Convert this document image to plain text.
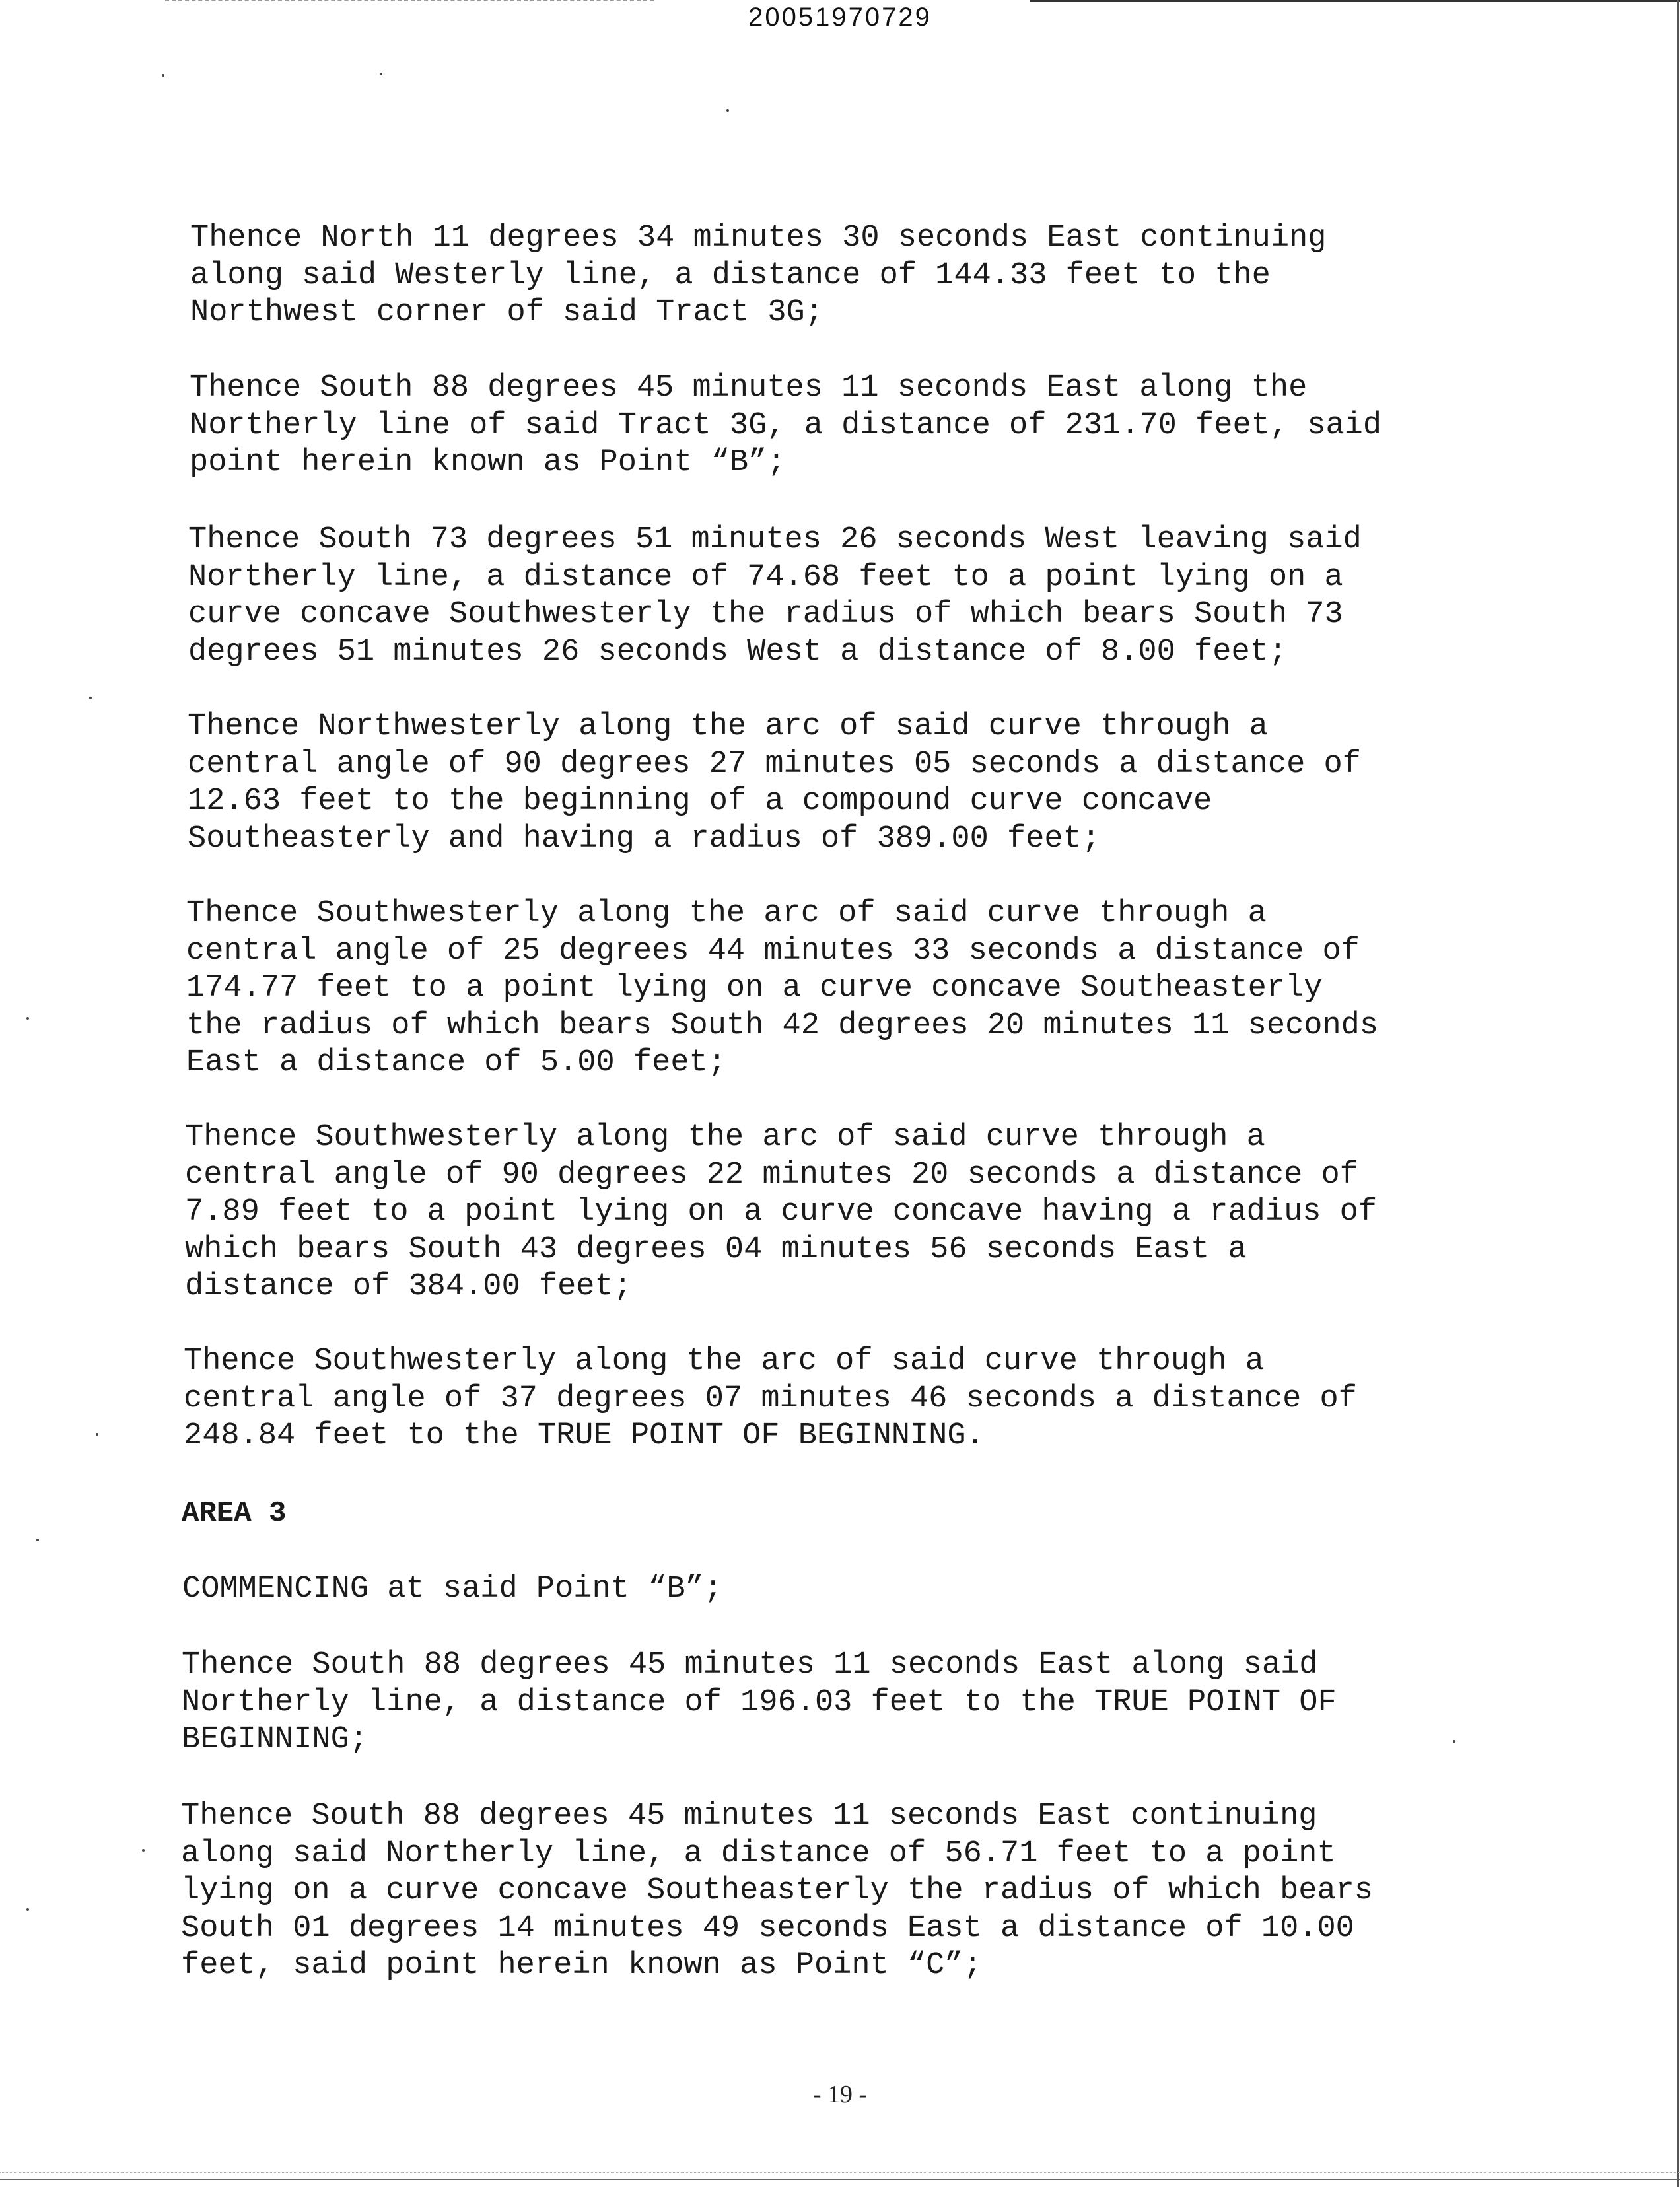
20051970729

Thence North 11 degrees 34 minutes 30 seconds East continuing
along said Westerly line, a distance of 144.33 feet to the
Northwest corner of said Tract 3G;

Thence South 88 degrees 45 minutes 11 seconds East along the
Northerly line of said Tract 3G, a distance of 231.70 feet, said
point herein known as Point “B”;

Thence South 73 degrees 51 minutes 26 seconds West leaving said
Northerly line, a distance of 74.68 feet to a point lying on a
curve concave Southwesterly the radius of which bears South 73
degrees 51 minutes 26 seconds West a distance of 8.00 feet;

Thence Northwesterly along the arc of said curve through a
central angle of 90 degrees 27 minutes 05 seconds a distance of
12.63 feet to the beginning of a compound curve concave
Southeasterly and having a radius of 389.00 feet;

Thence Southwesterly along the arc of said curve through a
central angle of 25 degrees 44 minutes 33 seconds a distance of
174.77 feet to a point lying on a curve concave Southeasterly
the radius of which bears South 42 degrees 20 minutes 11 seconds
East a distance of 5.00 feet;

Thence Southwesterly along the arc of said curve through a
central angle of 90 degrees 22 minutes 20 seconds a distance of
7.89 feet to a point lying on a curve concave having a radius of
which bears South 43 degrees 04 minutes 56 seconds East a
distance of 384.00 feet;

Thence Southwesterly along the arc of said curve through a
central angle of 37 degrees 07 minutes 46 seconds a distance of
248.84 feet to the TRUE POINT OF BEGINNING.

AREA 3

COMMENCING at said Point “B”;

Thence South 88 degrees 45 minutes 11 seconds East along said
Northerly line, a distance of 196.03 feet to the TRUE POINT OF
BEGINNING;

Thence South 88 degrees 45 minutes 11 seconds East continuing
along said Northerly line, a distance of 56.71 feet to a point
lying on a curve concave Southeasterly the radius of which bears
South 01 degrees 14 minutes 49 seconds East a distance of 10.00
feet, said point herein known as Point “C”;

- 19 -
